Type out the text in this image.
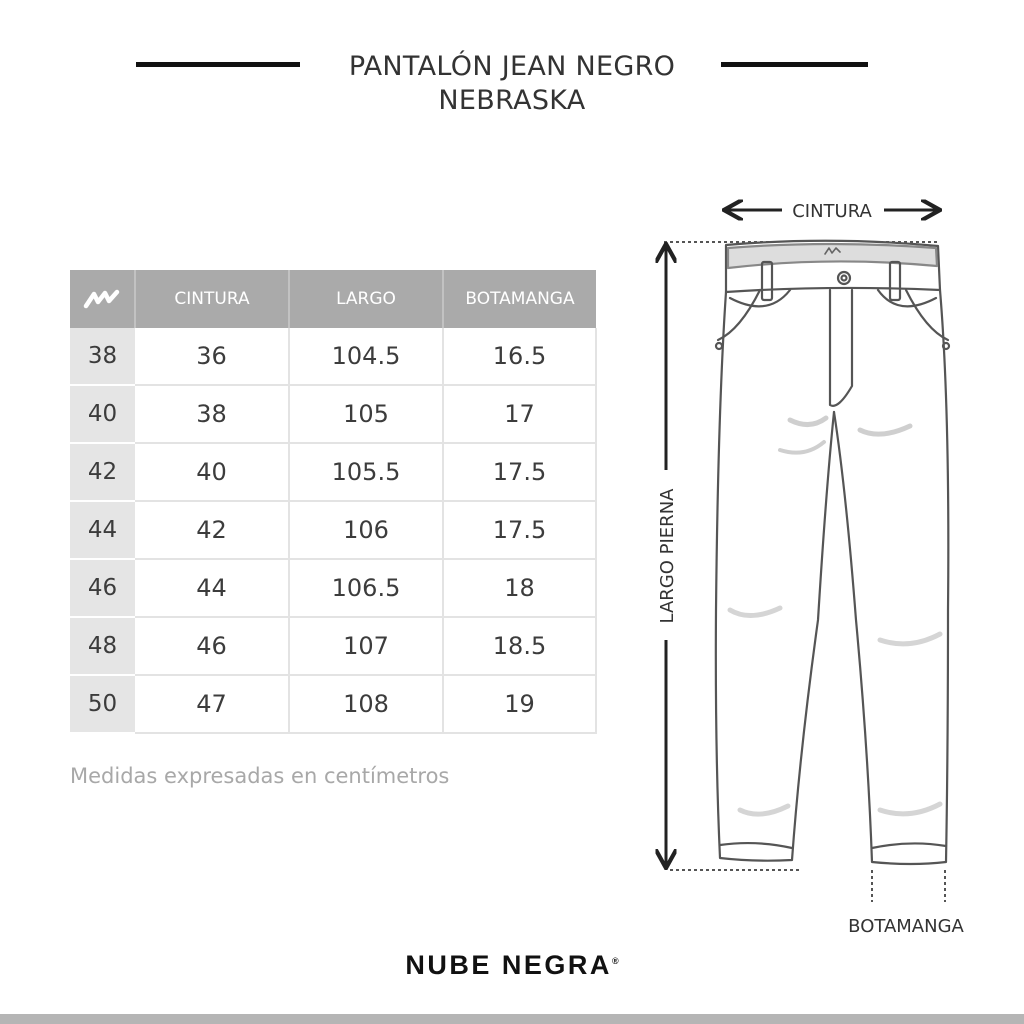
PANTALÓN JEAN NEGRO
NEBRASKA
	CINTURA	LARGO	BOTAMANGA
38	36	104.5	16.5
40	38	105	17
42	40	105.5	17.5
44	42	106	17.5
46	44	106.5	18
48	46	107	18.5
50	47	108	19
Medidas expresadas en centímetros
CINTURA
LARGO PIERNA
BOTAMANGA
NUBE NEGRA®
